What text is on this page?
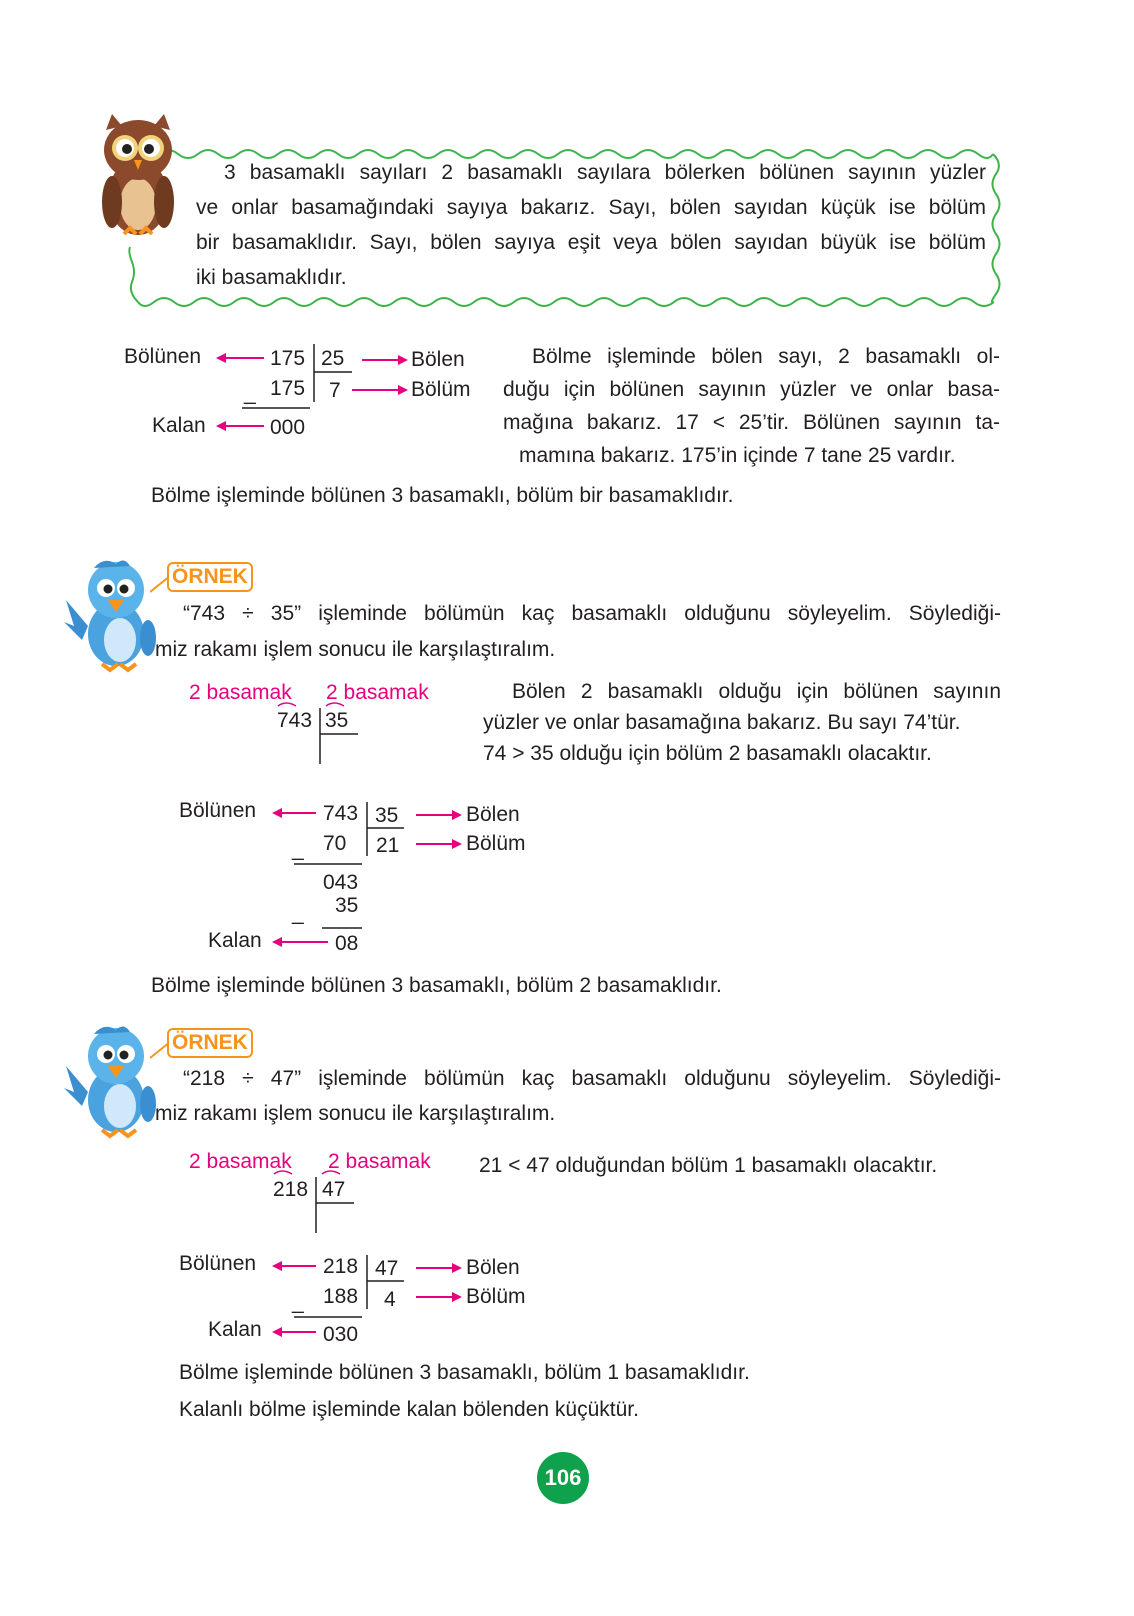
3 basamaklı sayıları 2 basamaklı sayılara bölerken bölünen sayının yüzler
ve onlar basamağındaki sayıya bakarız. Sayı, bölen sayıdan küçük ise bölüm
bir basamaklıdır. Sayı, bölen sayıya eşit veya bölen sayıdan büyük ise bölüm
iki basamaklıdır.
Bölünen
Kalan
175 25
_ 175 7
000
Bölen
Bölüm
Bölme işleminde bölen sayı, 2 basamaklı ol-
duğu için bölünen sayının yüzler ve onlar basa-
mağına bakarız. 17 < 25’tir. Bölünen sayının ta-
mamına bakarız. 175’in içinde 7 tane 25 vardır.
Bölme işleminde bölünen 3 basamaklı, bölüm bir basamaklıdır.
ÖRNEK
“743 ÷ 35” işleminde bölümün kaç basamaklı olduğunu söyleyelim. Söylediği-
miz rakamı işlem sonucu ile karşılaştıralım.
2 basamak 2 basamak
743 35
Bölen 2 basamaklı olduğu için bölünen sayının
yüzler ve onlar basamağına bakarız. Bu sayı 74’tür.
74 > 35 olduğu için bölüm 2 basamaklı olacaktır.
Bölünen
Kalan
743 35
_ 70 21
043
_ 35
08
Bölen
Bölüm
Bölme işleminde bölünen 3 basamaklı, bölüm 2 basamaklıdır.
ÖRNEK
“218 ÷ 47” işleminde bölümün kaç basamaklı olduğunu söyleyelim. Söylediği-
miz rakamı işlem sonucu ile karşılaştıralım.
2 basamak 2 basamak
218 47
21 < 47 olduğundan bölüm 1 basamaklı olacaktır.
Bölünen
Kalan
218 47
_ 188 4
030
Bölen
Bölüm
Bölme işleminde bölünen 3 basamaklı, bölüm 1 basamaklıdır.
Kalanlı bölme işleminde kalan bölenden küçüktür.
106
